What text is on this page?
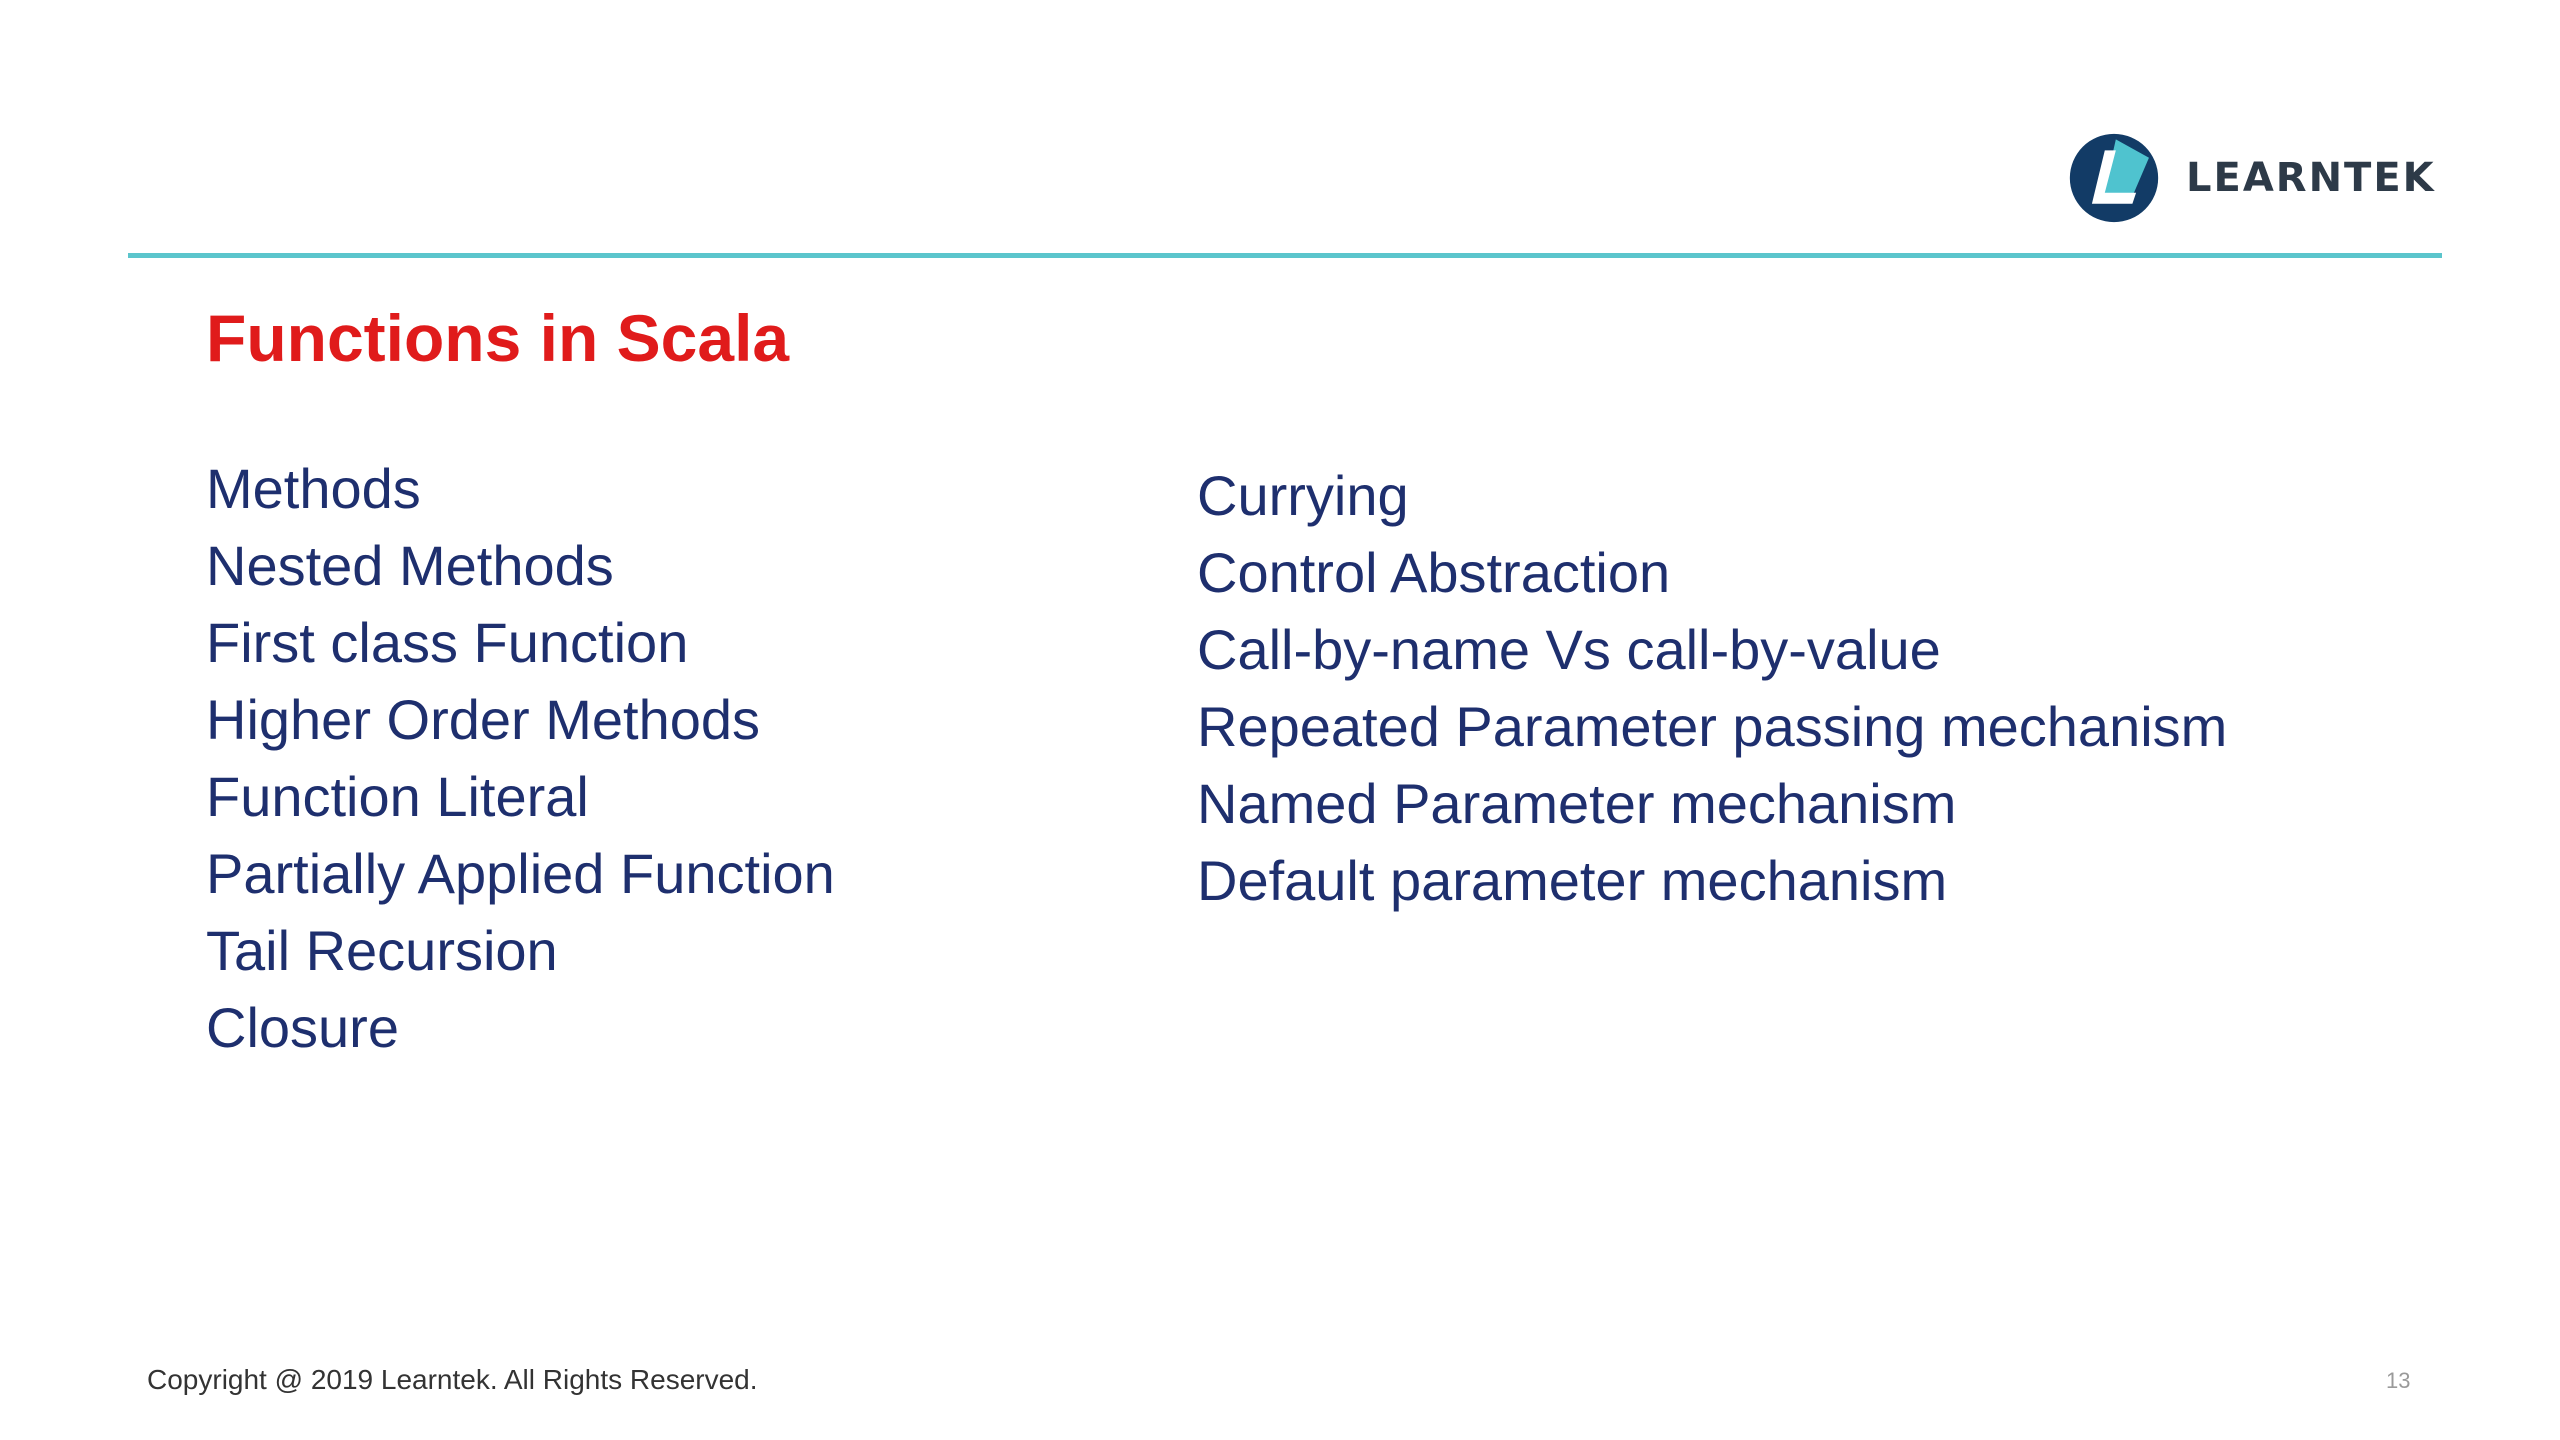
LEARNTEK
Functions in Scala
Methods
Nested Methods
First class Function
Higher Order Methods
Function Literal
Partially Applied Function
Tail Recursion
Closure
Currying
Control Abstraction
Call-by-name Vs call-by-value
Repeated Parameter passing mechanism
Named Parameter mechanism
Default parameter mechanism
Copyright @ 2019 Learntek. All Rights Reserved.	13
